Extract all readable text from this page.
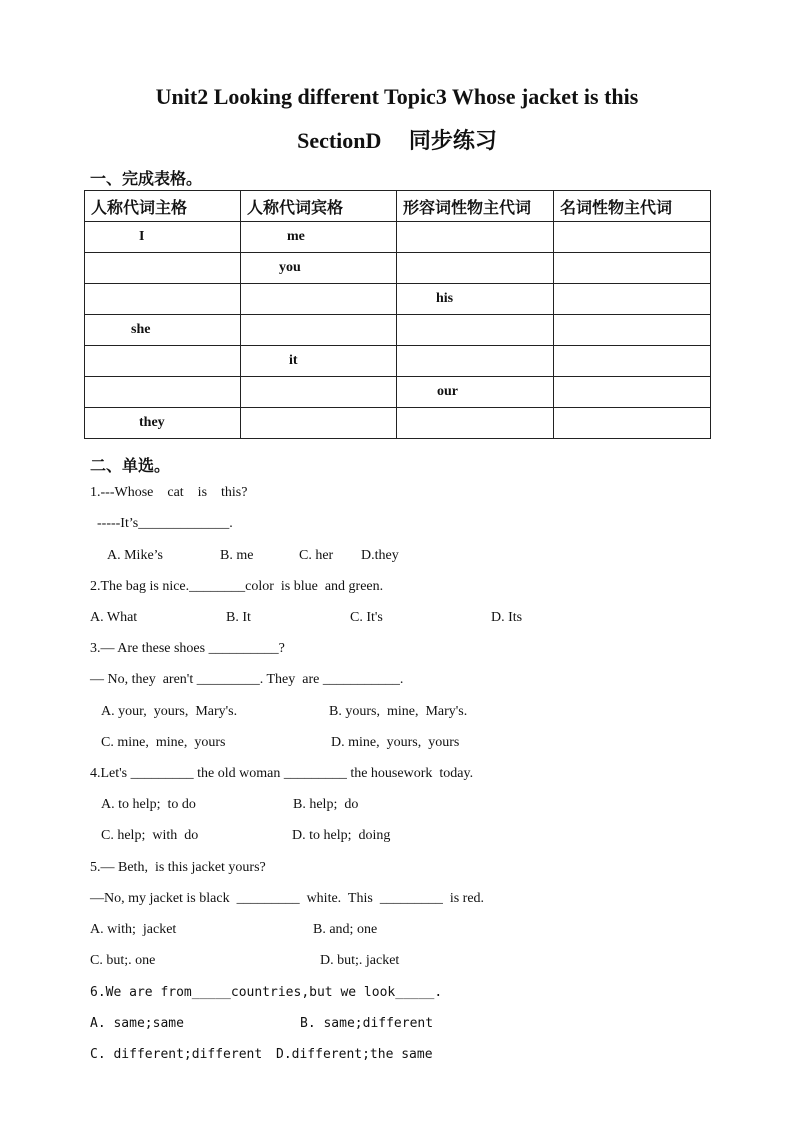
Unit2 Looking different Topic3 Whose jacket is this
SectionD　 同步练习
一、完成表格。
人称代词主格	人称代词宾格	形容词性物主代词	名词性物主代词
I	me		
	you		
		his	
she			
	it		
		our	
they			
二、单选。
1.---Whose    cat    is    this?
-----It’s_____________.
A. Mike’s	B. me	C. her D.they
2.The bag is nice.________color  is blue  and green.
A. What	B. It	C. It's	D. Its
3.— Are these shoes __________?
— No, they  aren't _________. They  are ___________.
A. your,  yours,  Mary's.	B. yours,  mine,  Mary's.
C. mine,  mine,  yours	D. mine,  yours,  yours
4.Let's _________ the old woman _________ the housework  today.
A. to help;  to do	B. help;  do
C. help;  with  do	D. to help;  doing
5.— Beth,  is this jacket yours?
—No, my jacket is black  _________  white.  This  _________  is red.
A. with;  jacket	B. and; one
C. but;. one	D. but;. jacket
6.We are from_____countries,but we look_____.
A. same;same	B. same;different
C. different;different D.different;the same
